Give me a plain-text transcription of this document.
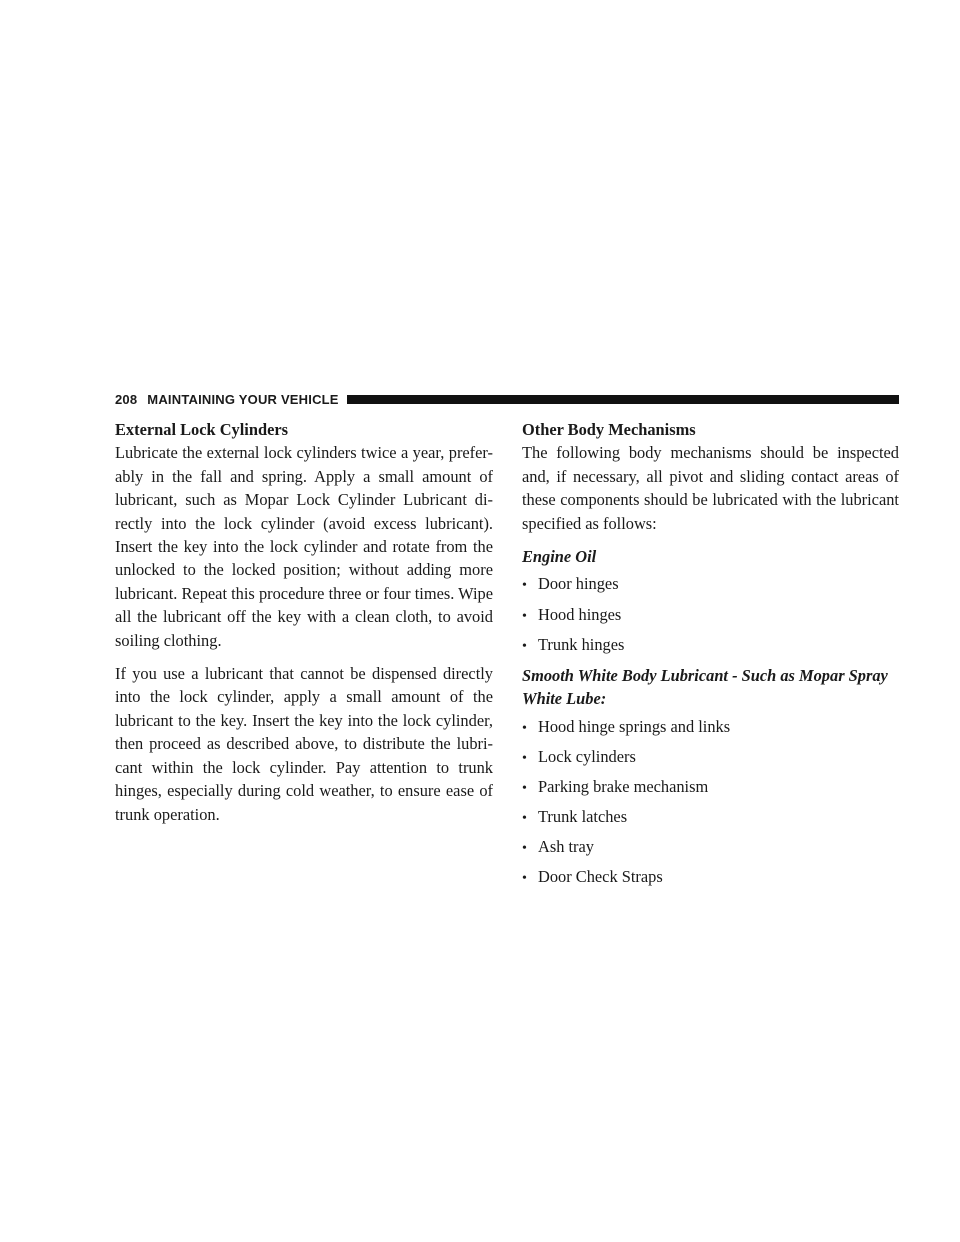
208 MAINTAINING YOUR VEHICLE
External Lock Cylinders

Lubricate the external lock cylinders twice a year, prefer-ably in the fall and spring. Apply a small amount of lubricant, such as Mopar Lock Cylinder Lubricant di-rectly into the lock cylinder (avoid excess lubricant). Insert the key into the lock cylinder and rotate from the unlocked to the locked position; without adding more lubricant. Repeat this procedure three or four times. Wipe all the lubricant off the key with a clean cloth, to avoid soiling clothing.

If you use a lubricant that cannot be dispensed directly into the lock cylinder, apply a small amount of the lubricant to the key. Insert the key into the lock cylinder, then proceed as described above, to distribute the lubri-cant within the lock cylinder. Pay attention to trunk hinges, especially during cold weather, to ensure ease of trunk operation.

Other Body Mechanisms

The following body mechanisms should be inspected and, if necessary, all pivot and sliding contact areas of these components should be lubricated with the lubricant specified as follows:

Engine Oil
• Door hinges
• Hood hinges
• Trunk hinges
Smooth White Body Lubricant - Such as Mopar Spray White Lube:
• Hood hinge springs and links
• Lock cylinders
• Parking brake mechanism
• Trunk latches
• Ash tray
• Door Check Straps
